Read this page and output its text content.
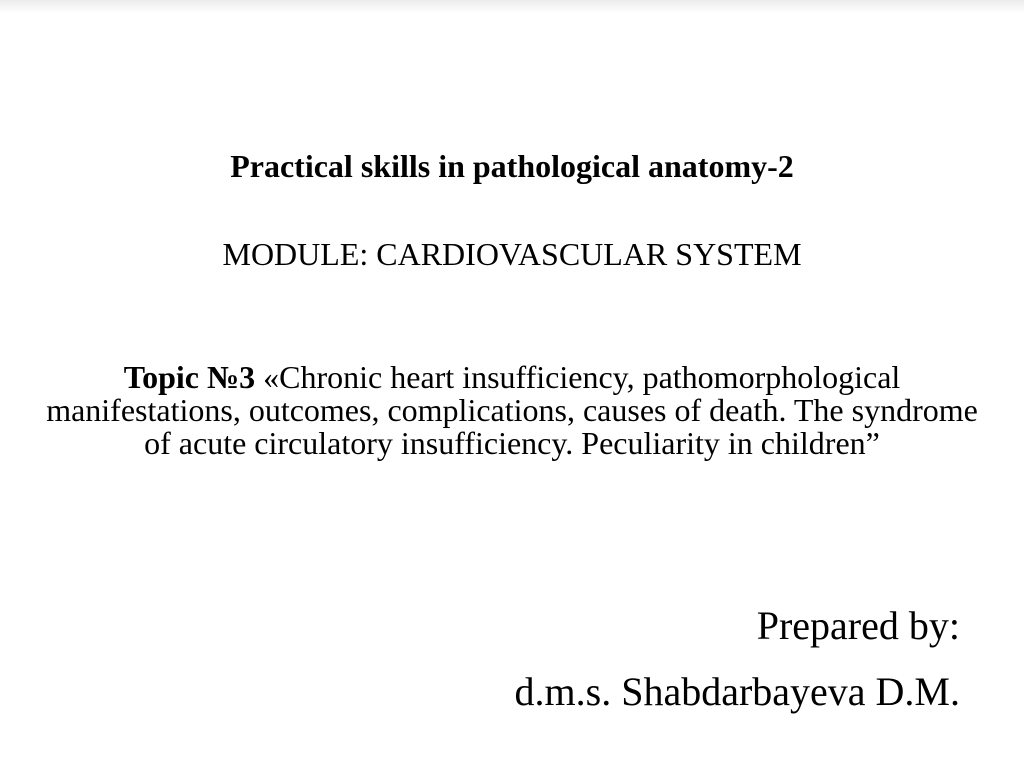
Practical skills in pathological anatomy-2
MODULE: CARDIOVASCULAR SYSTEM
Topic №3 «Chronic heart insufficiency, pathomorphological manifestations, outcomes, complications, causes of death. The syndrome of acute circulatory insufficiency. Peculiarity in children”
Prepared by:
d.m.s. Shabdarbayeva D.M.
